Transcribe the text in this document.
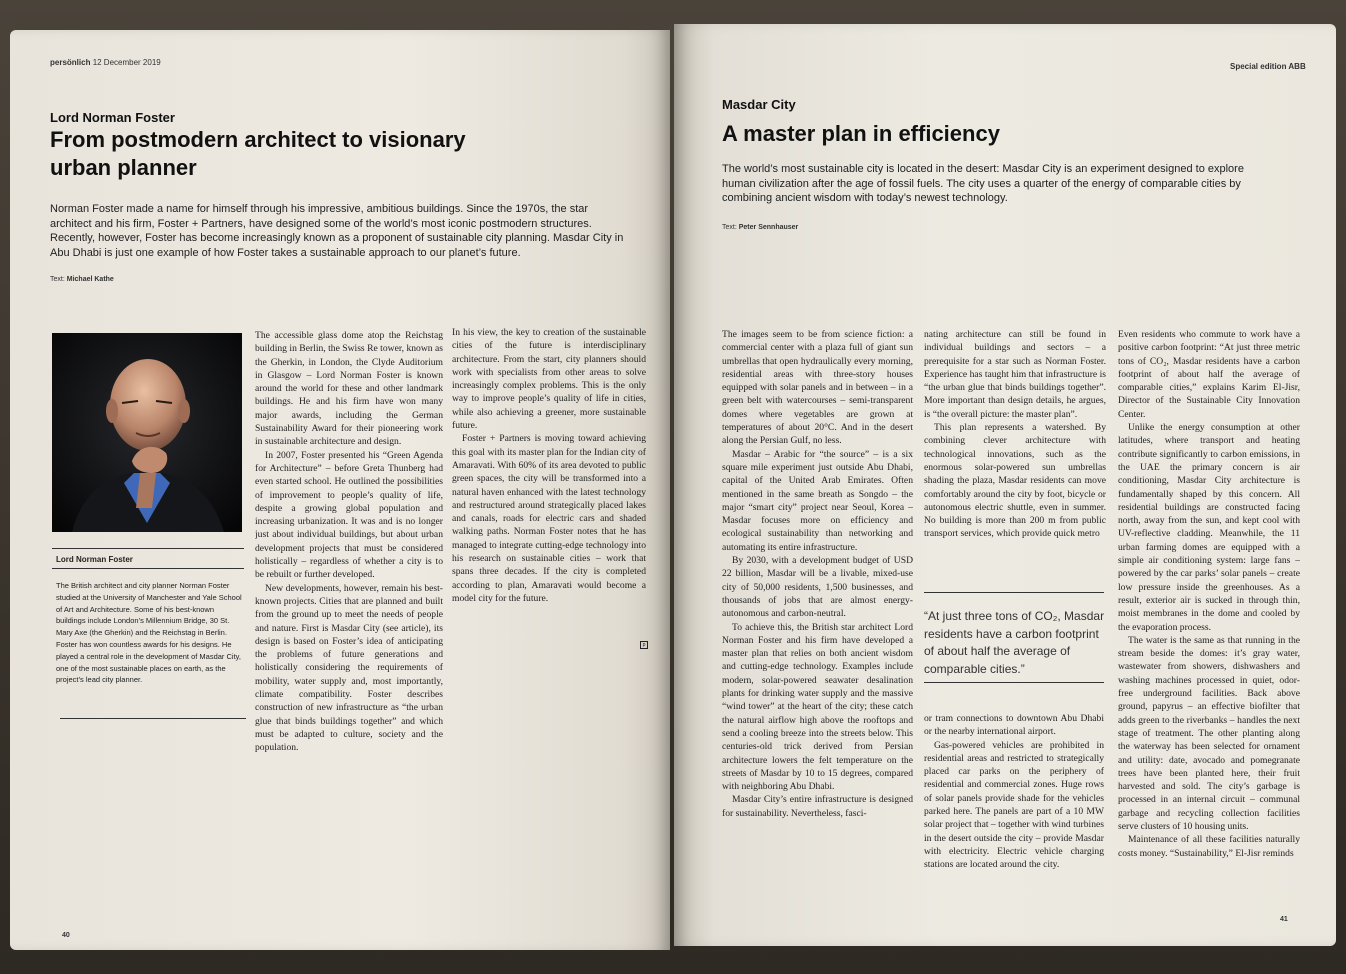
persönlich 12 December 2019
Lord Norman Foster
From postmodern architect to visionary urban planner
Norman Foster made a name for himself through his impressive, ambitious buildings. Since the 1970s, the star architect and his firm, Foster + Partners, have designed some of the world’s most iconic postmodern structures. Recently, however, Foster has become increasingly known as a proponent of sustainable city planning. Masdar City in Abu Dhabi is just one example of how Foster takes a sustainable approach to our planet’s future.
Text: Michael Kathe
Lord Norman Foster
The British architect and city planner Norman Foster studied at the University of Manchester and Yale School of Art and Architecture. Some of his best-known buildings include London’s Millennium Bridge, 30 St. Mary Axe (the Gherkin) and the Reichstag in Berlin. Foster has won countless awards for his designs. He played a central role in the development of Masdar City, one of the most sustainable places on earth, as the project’s lead city planner.

The accessible glass dome atop the Reichstag building in Berlin, the Swiss Re tower, known as the Gherkin, in London, the Clyde Auditorium in Glasgow – Lord Norman Foster is known around the world for these and other landmark buildings. He and his firm have won many major awards, including the German Sustainability Award for their pioneering work in sustainable architecture and design.

In 2007, Foster presented his “Green Agenda for Architecture” – before Greta Thunberg had even started school. He outlined the possibilities of improvement to people’s quality of life, despite a growing global population and increasing urbanization. It was and is no longer just about individual buildings, but about urban development projects that must be considered holistically – regardless of whether a city is to be rebuilt or further developed.

New developments, however, remain his best-known projects. Cities that are planned and built from the ground up to meet the needs of people and nature. First is Masdar City (see article), its design is based on Foster’s idea of anticipating the problems of future generations and holistically considering the requirements of mobility, water supply and, most importantly, climate compatibility. Foster describes construction of new infrastructure as “the urban glue that binds buildings together” and which must be adapted to culture, society and the population.

In his view, the key to creation of the sustainable cities of the future is interdisciplinary architecture. From the start, city planners should work with specialists from other areas to solve increasingly complex problems. This is the only way to improve people’s quality of life in cities, while also achieving a greener, more sustainable future.

Foster + Partners is moving toward achieving this goal with its master plan for the Indian city of Amaravati. With 60% of its area devoted to public green spaces, the city will be transformed into a natural haven enhanced with the latest technology and restructured around strategically placed lakes and canals, roads for electric cars and shaded walking paths. Norman Foster notes that he has managed to integrate cutting-edge technology into his research on sustainable cities – work that spans three decades. If the city is completed according to plan, Amaravati would become a model city for the future.

p
40
Special edition ABB
Masdar City
A master plan in efficiency
The world’s most sustainable city is located in the desert: Masdar City is an experiment designed to explore human civilization after the age of fossil fuels. The city uses a quarter of the energy of comparable cities by combining ancient wisdom with today’s newest technology.
Text: Peter Sennhauser

The images seem to be from science fiction: a commercial center with a plaza full of giant sun umbrellas that open hydraulically every morning, residential areas with three-story houses equipped with solar panels and in between – in a green belt with watercourses – semi-transparent domes where vegetables are grown at temperatures of about 20°C. And in the desert along the Persian Gulf, no less.

Masdar – Arabic for “the source” – is a six square mile experiment just outside Abu Dhabi, capital of the United Arab Emirates. Often mentioned in the same breath as Songdo – the major “smart city” project near Seoul, Korea – Masdar focuses more on efficiency and ecological sustainability than networking and automating its entire infrastructure.

By 2030, with a development budget of USD 22 billion, Masdar will be a livable, mixed-use city of 50,000 residents, 1,500 businesses, and thousands of jobs that are almost energy-autonomous and carbon-neutral.

To achieve this, the British star architect Lord Norman Foster and his firm have developed a master plan that relies on both ancient wisdom and cutting-edge technology. Examples include modern, solar-powered seawater desalination plants for drinking water supply and the massive “wind tower” at the heart of the city; these catch the natural airflow high above the rooftops and send a cooling breeze into the streets below. This centuries-old trick derived from Persian architecture lowers the felt temperature on the streets of Masdar by 10 to 15 degrees, compared with neighboring Abu Dhabi.

Masdar City’s entire infrastructure is designed for sustainability. Nevertheless, fasci-

nating architecture can still be found in individual buildings and sectors – a prerequisite for a star such as Norman Foster. Experience has taught him that infrastructure is “the urban glue that binds buildings together”. More important than design details, he argues, is “the overall picture: the master plan”.

This plan represents a watershed. By combining clever architecture with technological innovations, such as the enormous solar-powered sun umbrellas shading the plaza, Masdar residents can move comfortably around the city by foot, bicycle or autonomous electric shuttle, even in summer. No building is more than 200 m from public transport services, which provide quick metro

“At just three tons of CO₂, Masdar residents have a carbon footprint of about half the average of comparable cities.”

or tram connections to downtown Abu Dhabi or the nearby international airport.

Gas-powered vehicles are prohibited in residential areas and restricted to strategically placed car parks on the periphery of residential and commercial zones. Huge rows of solar panels provide shade for the vehicles parked here. The panels are part of a 10 MW solar project that – together with wind turbines in the desert outside the city – provide Masdar with electricity. Electric vehicle charging stations are located around the city.

Even residents who commute to work have a positive carbon footprint: “At just three metric tons of CO₂, Masdar residents have a carbon footprint of about half the average of comparable cities,” explains Karim El-Jisr, Director of the Sustainable City Innovation Center.

Unlike the energy consumption at other latitudes, where transport and heating contribute significantly to carbon emissions, in the UAE the primary concern is air conditioning, Masdar City architecture is fundamentally shaped by this concern. All residential buildings are constructed facing north, away from the sun, and kept cool with UV-reflective cladding. Meanwhile, the 11 urban farming domes are equipped with a simple air conditioning system: large fans – powered by the car parks’ solar panels – create low pressure inside the greenhouses. As a result, exterior air is sucked in through thin, moist membranes in the dome and cooled by the evaporation process.

The water is the same as that running in the stream beside the domes: it’s gray water, wastewater from showers, dishwashers and washing machines processed in quiet, odor-free underground facilities. Back above ground, papyrus – an effective biofilter that adds green to the riverbanks – handles the next stage of treatment. The other planting along the waterway has been selected for ornament and utility: date, avocado and pomegranate trees have been planted here, their fruit harvested and sold. The city’s garbage is processed in an internal circuit – communal garbage and recycling collection facilities serve clusters of 10 housing units.

Maintenance of all these facilities naturally costs money. “Sustainability,” El-Jisr reminds

41
